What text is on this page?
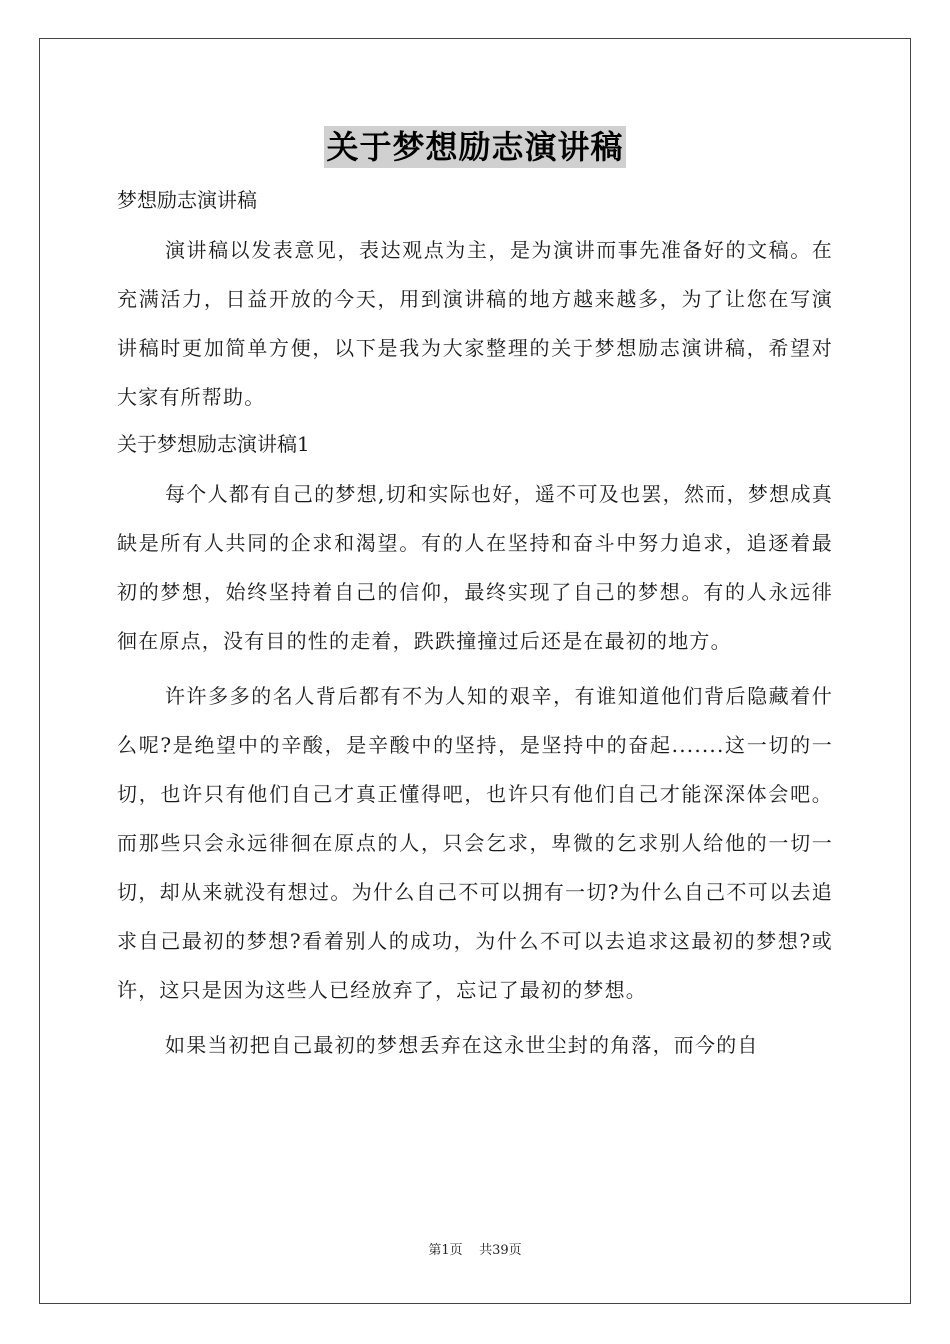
关于梦想励志演讲稿

梦想励志演讲稿

演讲稿以发表意见，表达观点为主，是为演讲而事先准备好的文稿。在充满活力，日益开放的今天，用到演讲稿的地方越来越多，为了让您在写演讲稿时更加简单方便，以下是我为大家整理的关于梦想励志演讲稿，希望对大家有所帮助。

关于梦想励志演讲稿1

每个人都有自己的梦想,切和实际也好，遥不可及也罢，然而，梦想成真缺是所有人共同的企求和渴望。有的人在坚持和奋斗中努力追求，追逐着最初的梦想，始终坚持着自己的信仰，最终实现了自己的梦想。有的人永远徘徊在原点，没有目的性的走着，跌跌撞撞过后还是在最初的地方。

许许多多的名人背后都有不为人知的艰辛，有谁知道他们背后隐藏着什么呢?是绝望中的辛酸，是辛酸中的坚持，是坚持中的奋起.......这一切的一切，也许只有他们自己才真正懂得吧，也许只有他们自己才能深深体会吧。而那些只会永远徘徊在原点的人，只会乞求，卑微的乞求别人给他的一切一切，却从来就没有想过。为什么自己不可以拥有一切?为什么自己不可以去追求自己最初的梦想?看着别人的成功，为什么不可以去追求这最初的梦想?或许，这只是因为这些人已经放弃了，忘记了最初的梦想。

如果当初把自己最初的梦想丢弃在这永世尘封的角落，而今的自

第1页    共39页
